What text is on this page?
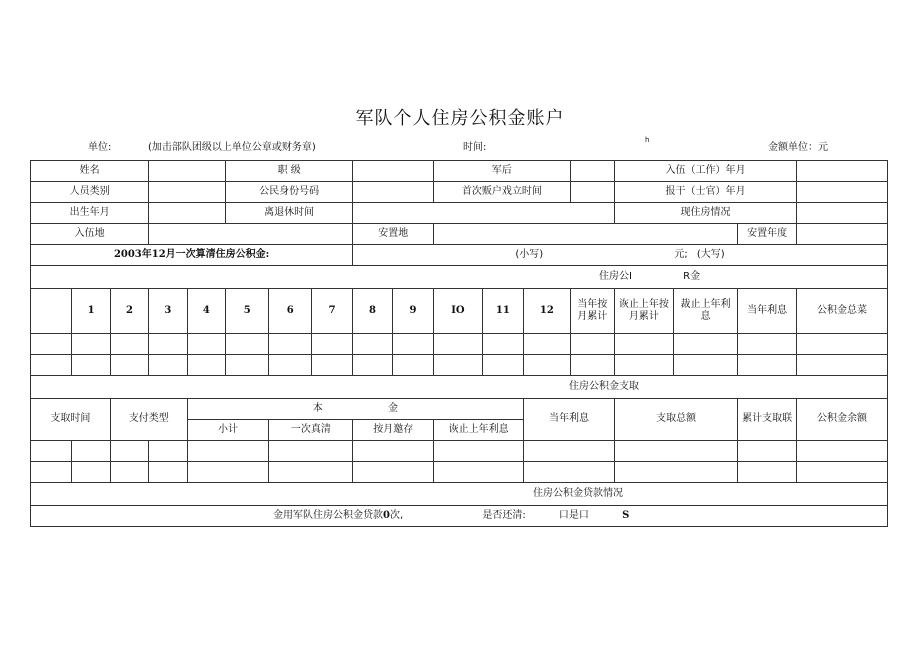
军队个人住房公积金账户
单位:	(加击部队团级以上单位公章或财务章)	时间:
h
金额单位：元
姓名					职 级					军后				入伍（工作）年月			
人员类别					公民身份号码					首次贩户戏立时间				报干（士官）年月			
出生年月					离退休时间									现住房情况			
入伍地								安置地								安置年度	
2003年12月一次算清住房公积金:								(小写) 元; (大写)									
住房公I R金																	
	1	2	3	4	5	6	7	8	9	IO	11	12	当年按月累计	诙止上年按月累计	裁止上年利息	当年利息	公积金总菜

住房公积金支取																	
支取时间		支付类型		本 金								当年利息		支取总额		累计支取联	公积金余额
				小计		一次真清		按月邀存		诙止上年利息							

住房公积金贷款情况																	
金用军队住房公积金贷款0次, 是否还清: 口是口 S																	
